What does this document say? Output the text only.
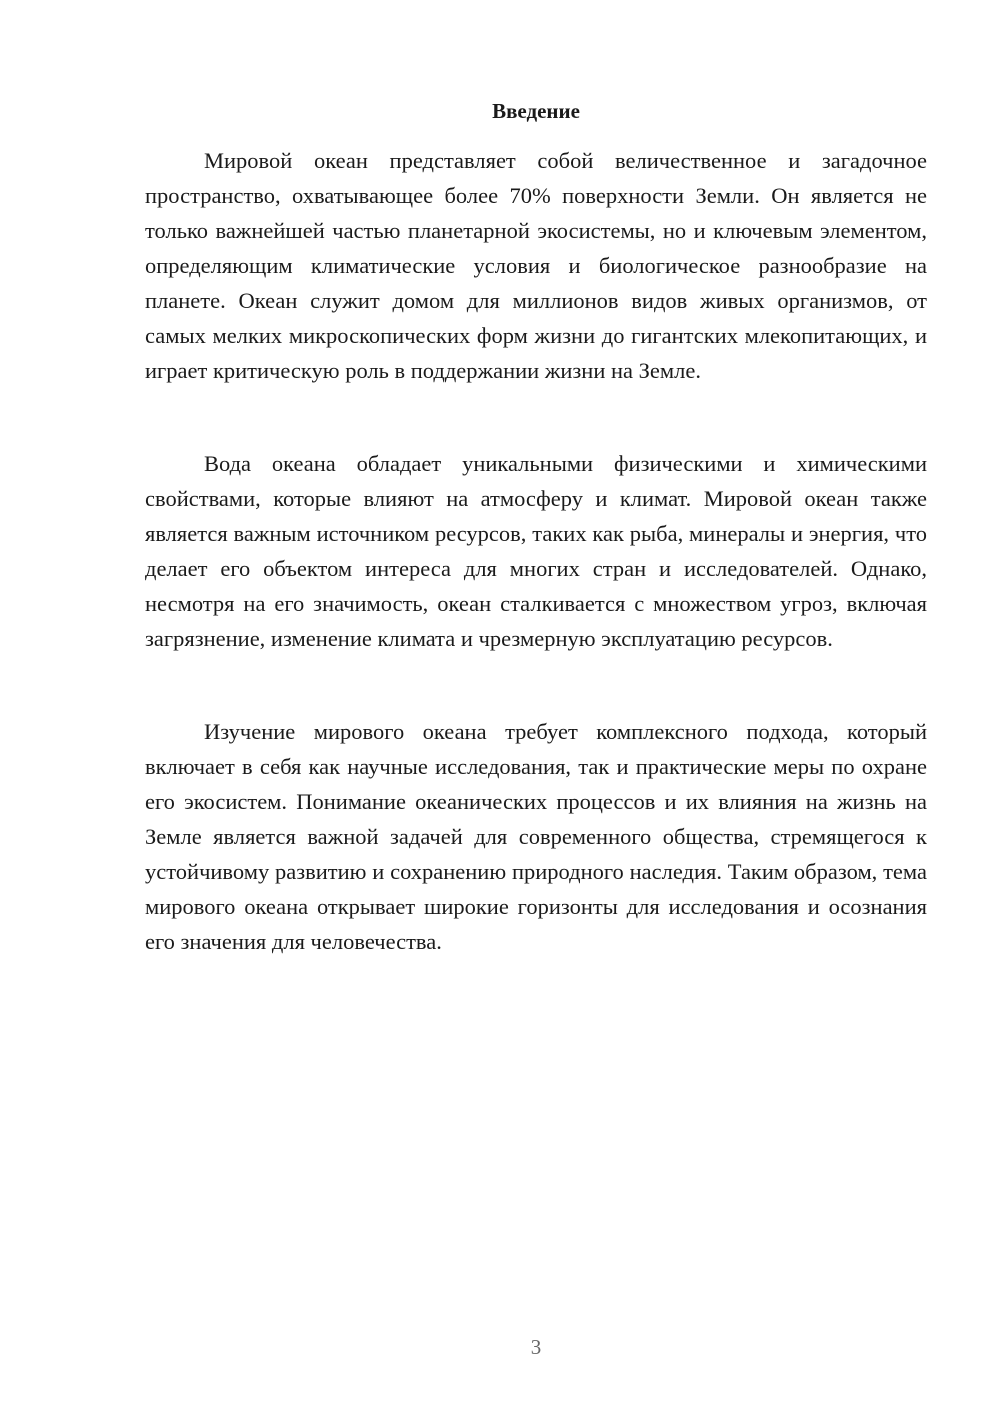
Введение

Мировой океан представляет собой величественное и загадочное пространство, охватывающее более 70% поверхности Земли. Он является не только важнейшей частью планетарной экосистемы, но и ключевым элементом, определяющим климатические условия и биологическое разнообразие на планете. Океан служит домом для миллионов видов живых организмов, от самых мелких микроскопических форм жизни до гигантских млекопитающих, и играет критическую роль в поддержании жизни на Земле.

Вода океана обладает уникальными физическими и химическими свойствами, которые влияют на атмосферу и климат. Мировой океан также является важным источником ресурсов, таких как рыба, минералы и энергия, что делает его объектом интереса для многих стран и исследователей. Однако, несмотря на его значимость, океан сталкивается с множеством угроз, включая загрязнение, изменение климата и чрезмерную эксплуатацию ресурсов.

Изучение мирового океана требует комплексного подхода, который включает в себя как научные исследования, так и практические меры по охране его экосистем. Понимание океанических процессов и их влияния на жизнь на Земле является важной задачей для современного общества, стремящегося к устойчивому развитию и сохранению природного наследия. Таким образом, тема мирового океана открывает широкие горизонты для исследования и осознания его значения для человечества.

3
